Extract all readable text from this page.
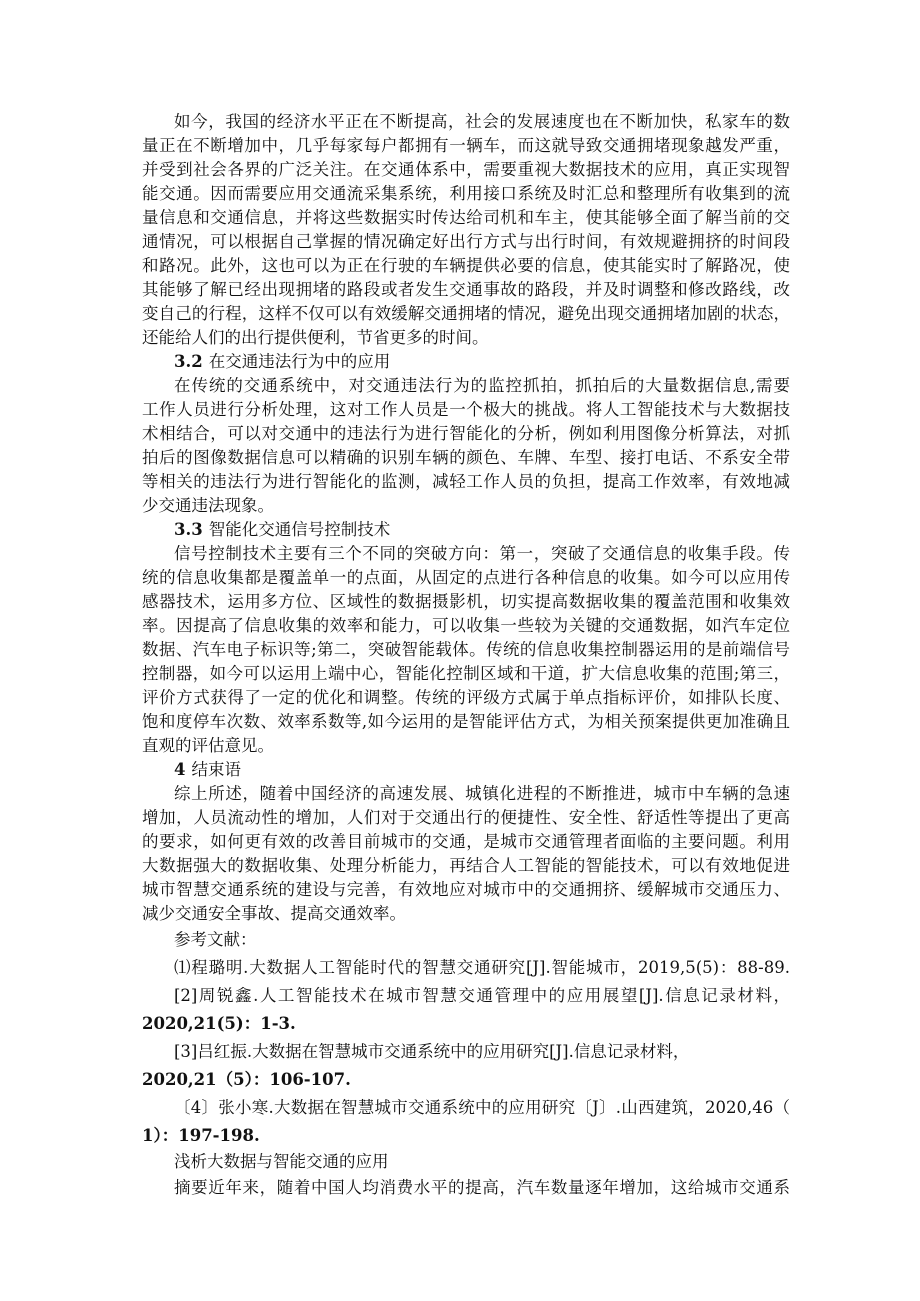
如今，我国的经济水平正在不断提高，社会的发展速度也在不断加快，私家车的数
量正在不断增加中，几乎每家每户都拥有一辆车，而这就导致交通拥堵现象越发严重，
并受到社会各界的广泛关注。在交通体系中，需要重视大数据技术的应用，真正实现智
能交通。因而需要应用交通流采集系统，利用接口系统及时汇总和整理所有收集到的流
量信息和交通信息，并将这些数据实时传达给司机和车主，使其能够全面了解当前的交
通情况，可以根据自己掌握的情况确定好出行方式与出行时间，有效规避拥挤的时间段
和路况。此外，这也可以为正在行驶的车辆提供必要的信息，使其能实时了解路况，使
其能够了解已经出现拥堵的路段或者发生交通事故的路段，并及时调整和修改路线，改
变自己的行程，这样不仅可以有效缓解交通拥堵的情况，避免出现交通拥堵加剧的状态，
还能给人们的出行提供便利，节省更多的时间。
3.2 在交通违法行为中的应用
在传统的交通系统中，对交通违法行为的监控抓拍，抓拍后的大量数据信息,需要
工作人员进行分析处理，这对工作人员是一个极大的挑战。将人工智能技术与大数据技
术相结合，可以对交通中的违法行为进行智能化的分析，例如利用图像分析算法，对抓
拍后的图像数据信息可以精确的识别车辆的颜色、车牌、车型、接打电话、不系安全带
等相关的违法行为进行智能化的监测，减轻工作人员的负担，提高工作效率，有效地减
少交通违法现象。
3.3 智能化交通信号控制技术
信号控制技术主要有三个不同的突破方向：第一，突破了交通信息的收集手段。传
统的信息收集都是覆盖单一的点面，从固定的点进行各种信息的收集。如今可以应用传
感器技术，运用多方位、区域性的数据摄影机，切实提高数据收集的覆盖范围和收集效
率。因提高了信息收集的效率和能力，可以收集一些较为关键的交通数据，如汽车定位
数据、汽车电子标识等;第二，突破智能载体。传统的信息收集控制器运用的是前端信号
控制器，如今可以运用上端中心，智能化控制区域和干道，扩大信息收集的范围;第三，
评价方式获得了一定的优化和调整。传统的评级方式属于单点指标评价，如排队长度、
饱和度停车次数、效率系数等,如今运用的是智能评估方式，为相关预案提供更加准确且
直观的评估意见。
4 结束语
综上所述，随着中国经济的高速发展、城镇化进程的不断推进，城市中车辆的急速
增加，人员流动性的增加，人们对于交通出行的便捷性、安全性、舒适性等提出了更高
的要求，如何更有效的改善目前城市的交通，是城市交通管理者面临的主要问题。利用
大数据强大的数据收集、处理分析能力，再结合人工智能的智能技术，可以有效地促进
城市智慧交通系统的建设与完善，有效地应对城市中的交通拥挤、缓解城市交通压力、
减少交通安全事故、提高交通效率。
参考文献：
⑴程璐明.大数据人工智能时代的智慧交通研究[J].智能城市，2019,5(5)：88-89.
[2]周锐鑫.人工智能技术在城市智慧交通管理中的应用展望[J].信息记录材料，
2020,21(5)：1-3.
[3]吕红振.大数据在智慧城市交通系统中的应用研究[J].信息记录材料，
2020,21（5）：106-107.
〔4〕张小寒.大数据在智慧城市交通系统中的应用研究〔J〕.山西建筑，2020,46（
1）：197-198.
浅析大数据与智能交通的应用
摘要近年来，随着中国人均消费水平的提高，汽车数量逐年增加，这给城市交通系
